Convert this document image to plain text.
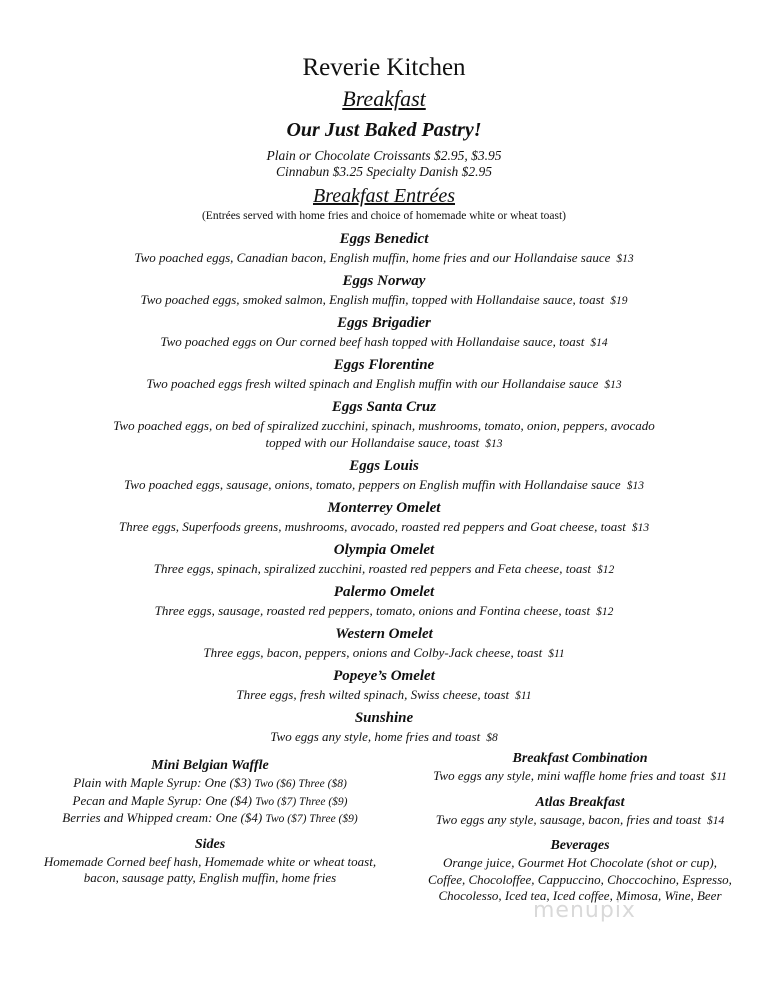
Reverie Kitchen
Breakfast
Our Just Baked Pastry!
Plain or Chocolate Croissants $2.95, $3.95
Cinnabun $3.25 Specialty Danish $2.95
Breakfast Entrées
(Entrées served with home fries and choice of homemade white or wheat toast)
Eggs Benedict
Two poached eggs, Canadian bacon, English muffin, home fries and our Hollandaise sauce $13
Eggs Norway
Two poached eggs, smoked salmon, English muffin, topped with Hollandaise sauce, toast $19
Eggs Brigadier
Two poached eggs on Our corned beef hash topped with Hollandaise sauce, toast $14
Eggs Florentine
Two poached eggs fresh wilted spinach and English muffin with our Hollandaise sauce $13
Eggs Santa Cruz
Two poached eggs, on bed of spiralized zucchini, spinach, mushrooms, tomato, onion, peppers, avocado
topped with our Hollandaise sauce, toast $13
Eggs Louis
Two poached eggs, sausage, onions, tomato, peppers on English muffin with Hollandaise sauce $13
Monterrey Omelet
Three eggs, Superfoods greens, mushrooms, avocado, roasted red peppers and Goat cheese, toast $13
Olympia Omelet
Three eggs, spinach, spiralized zucchini, roasted red peppers and Feta cheese, toast $12
Palermo Omelet
Three eggs, sausage, roasted red peppers, tomato, onions and Fontina cheese, toast $12
Western Omelet
Three eggs, bacon, peppers, onions and Colby-Jack cheese, toast $11
Popeye’s Omelet
Three eggs, fresh wilted spinach, Swiss cheese, toast $11
Sunshine
Two eggs any style, home fries and toast $8
Mini Belgian Waffle
Plain with Maple Syrup: One ($3) Two ($6) Three ($8)
Pecan and Maple Syrup: One ($4) Two ($7) Three ($9)
Berries and Whipped cream: One ($4) Two ($7) Three ($9)
Sides
Homemade Corned beef hash, Homemade white or wheat toast,
bacon, sausage patty, English muffin, home fries
Breakfast Combination
Two eggs any style, mini waffle home fries and toast $11
Atlas Breakfast
Two eggs any style, sausage, bacon, fries and toast $14
Beverages
Orange juice, Gourmet Hot Chocolate (shot or cup),
Coffee, Chocoloffee, Cappuccino, Choccochino, Espresso,
Chocolesso, Iced tea, Iced coffee, Mimosa, Wine, Beer
menupix
